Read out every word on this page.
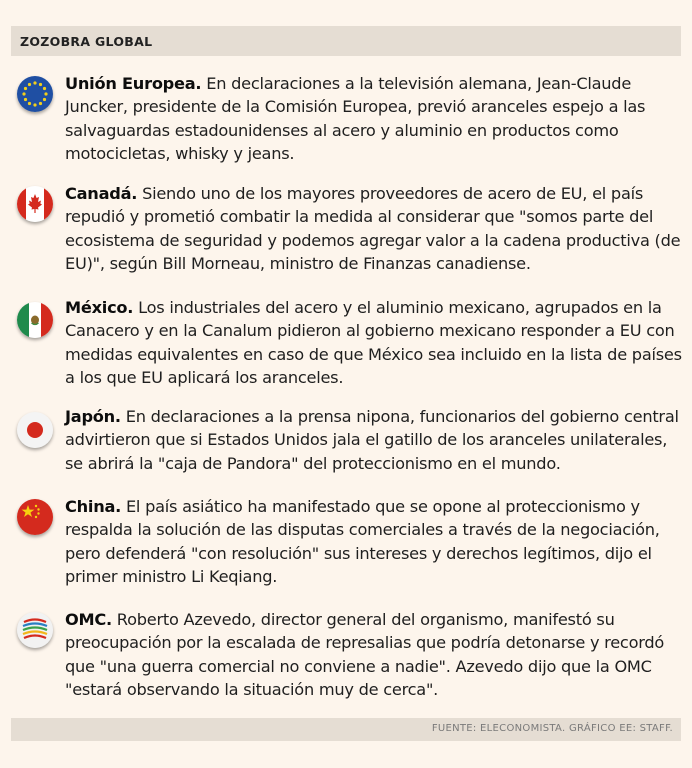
ZOZOBRA GLOBAL
Unión Europea. En declaraciones a la televisión alemana, Jean-Claude Juncker, presidente de la Comisión Europea, previó aranceles espejo a las salvaguardas estadounidenses al acero y aluminio en productos como motocicletas, whisky y jeans.
Canadá. Siendo uno de los mayores proveedores de acero de EU, el país repudió y prometió combatir la medida al considerar que "somos parte del ecosistema de seguridad y podemos agregar valor a la cadena productiva (de EU)", según Bill Morneau, ministro de Finanzas canadiense.
México. Los industriales del acero y el aluminio mexicano, agrupados en la Canacero y en la Canalum pidieron al gobierno mexicano responder a EU con medidas equivalentes en caso de que México sea incluido en la lista de países a los que EU aplicará los aranceles.
Japón. En declaraciones a la prensa nipona, funcionarios del gobierno central advirtieron que si Estados Unidos jala el gatillo de los aranceles unilaterales, se abrirá la "caja de Pandora" del proteccionismo en el mundo.
China. El país asiático ha manifestado que se opone al proteccionismo y respalda la solución de las disputas comerciales a través de la negociación, pero defenderá "con resolución" sus intereses y derechos legítimos, dijo el primer ministro Li Keqiang.
OMC. Roberto Azevedo, director general del organismo, manifestó su preocupación por la escalada de represalias que podría detonarse y recordó que "una guerra comercial no conviene a nadie". Azevedo dijo que la OMC "estará observando la situación muy de cerca".
FUENTE: ELECONOMISTA. GRÁFICO EE: STAFF.
